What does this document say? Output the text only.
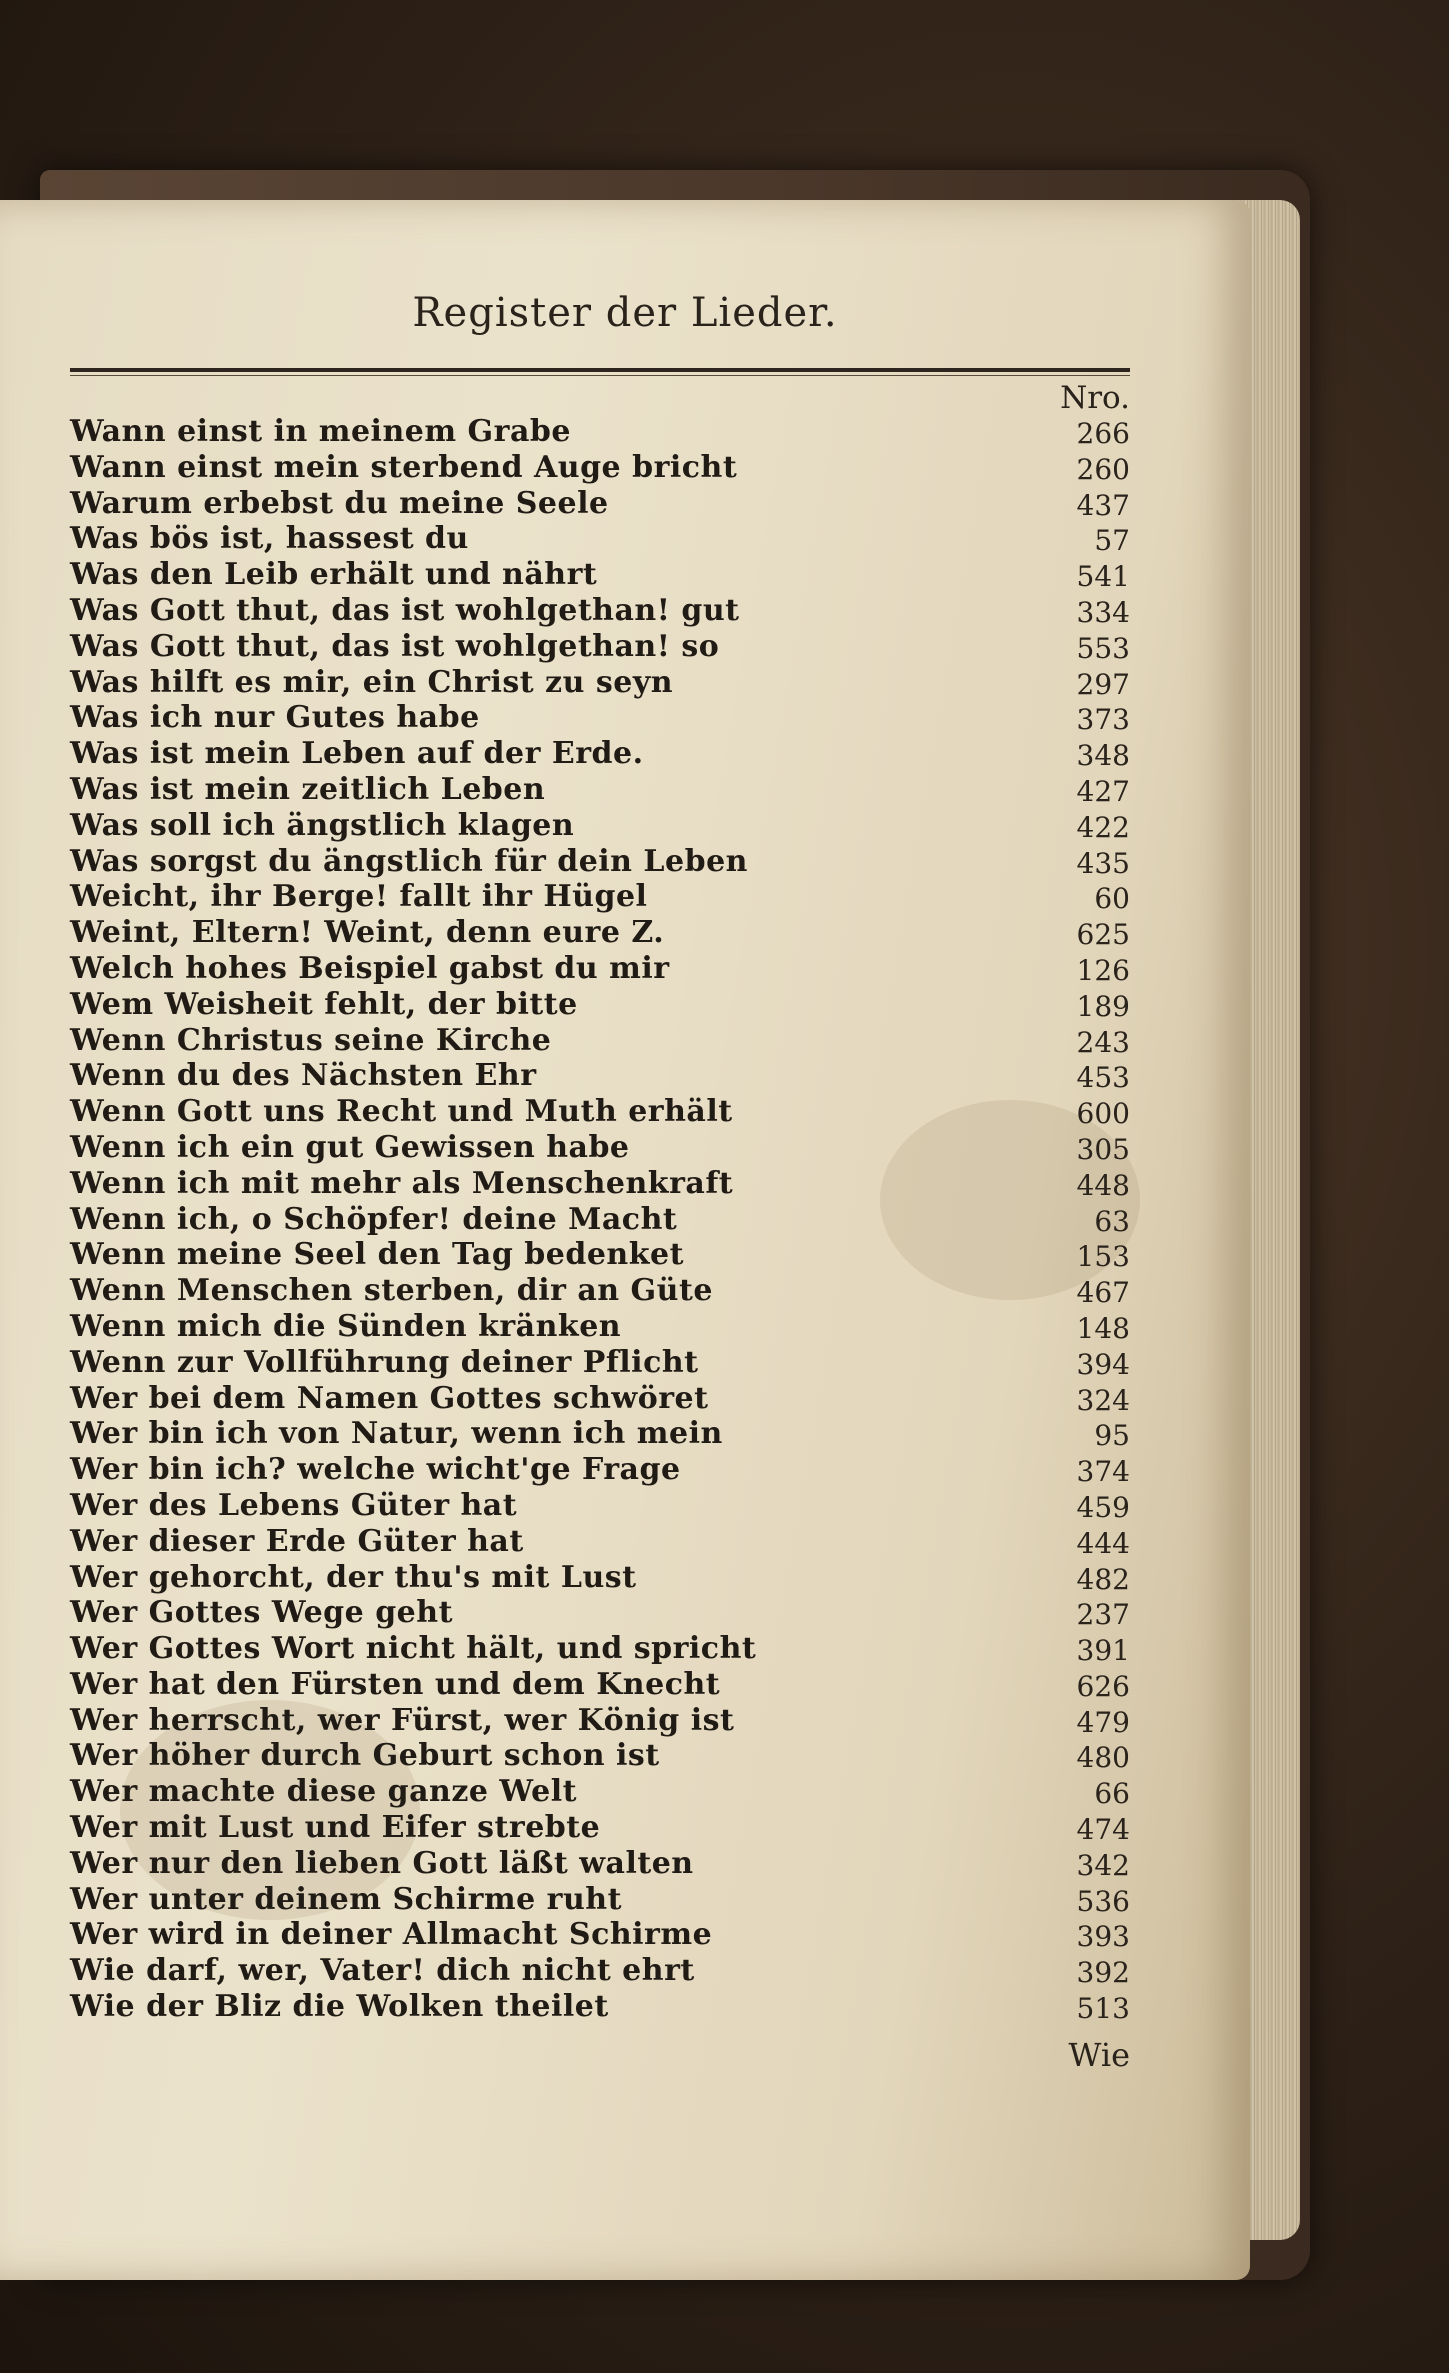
Register der Lieder.
Nro.
Wann einst in meinem Grabe	266
Wann einst mein sterbend Auge bricht	260
Warum erbebst du meine Seele	437
Was bös ist, hassest du	57
Was den Leib erhält und nährt	541
Was Gott thut, das ist wohlgethan! gut	334
Was Gott thut, das ist wohlgethan! so	553
Was hilft es mir, ein Christ zu seyn	297
Was ich nur Gutes habe	373
Was ist mein Leben auf der Erde.	348
Was ist mein zeitlich Leben	427
Was soll ich ängstlich klagen	422
Was sorgst du ängstlich für dein Leben	435
Weicht, ihr Berge! fallt ihr Hügel	60
Weint, Eltern! Weint, denn eure Z.	625
Welch hohes Beispiel gabst du mir	126
Wem Weisheit fehlt, der bitte	189
Wenn Christus seine Kirche	243
Wenn du des Nächsten Ehr	453
Wenn Gott uns Recht und Muth erhält	600
Wenn ich ein gut Gewissen habe	305
Wenn ich mit mehr als Menschenkraft	448
Wenn ich, o Schöpfer! deine Macht	63
Wenn meine Seel den Tag bedenket	153
Wenn Menschen sterben, dir an Güte	467
Wenn mich die Sünden kränken	148
Wenn zur Vollführung deiner Pflicht	394
Wer bei dem Namen Gottes schwöret	324
Wer bin ich von Natur, wenn ich mein	95
Wer bin ich? welche wicht'ge Frage	374
Wer des Lebens Güter hat	459
Wer dieser Erde Güter hat	444
Wer gehorcht, der thu's mit Lust	482
Wer Gottes Wege geht	237
Wer Gottes Wort nicht hält, und spricht	391
Wer hat den Fürsten und dem Knecht	626
Wer herrscht, wer Fürst, wer König ist	479
Wer höher durch Geburt schon ist	480
Wer machte diese ganze Welt	66
Wer mit Lust und Eifer strebte	474
Wer nur den lieben Gott läßt walten	342
Wer unter deinem Schirme ruht	536
Wer wird in deiner Allmacht Schirme	393
Wie darf, wer, Vater! dich nicht ehrt	392
Wie der Bliz die Wolken theilet	513
Wie
